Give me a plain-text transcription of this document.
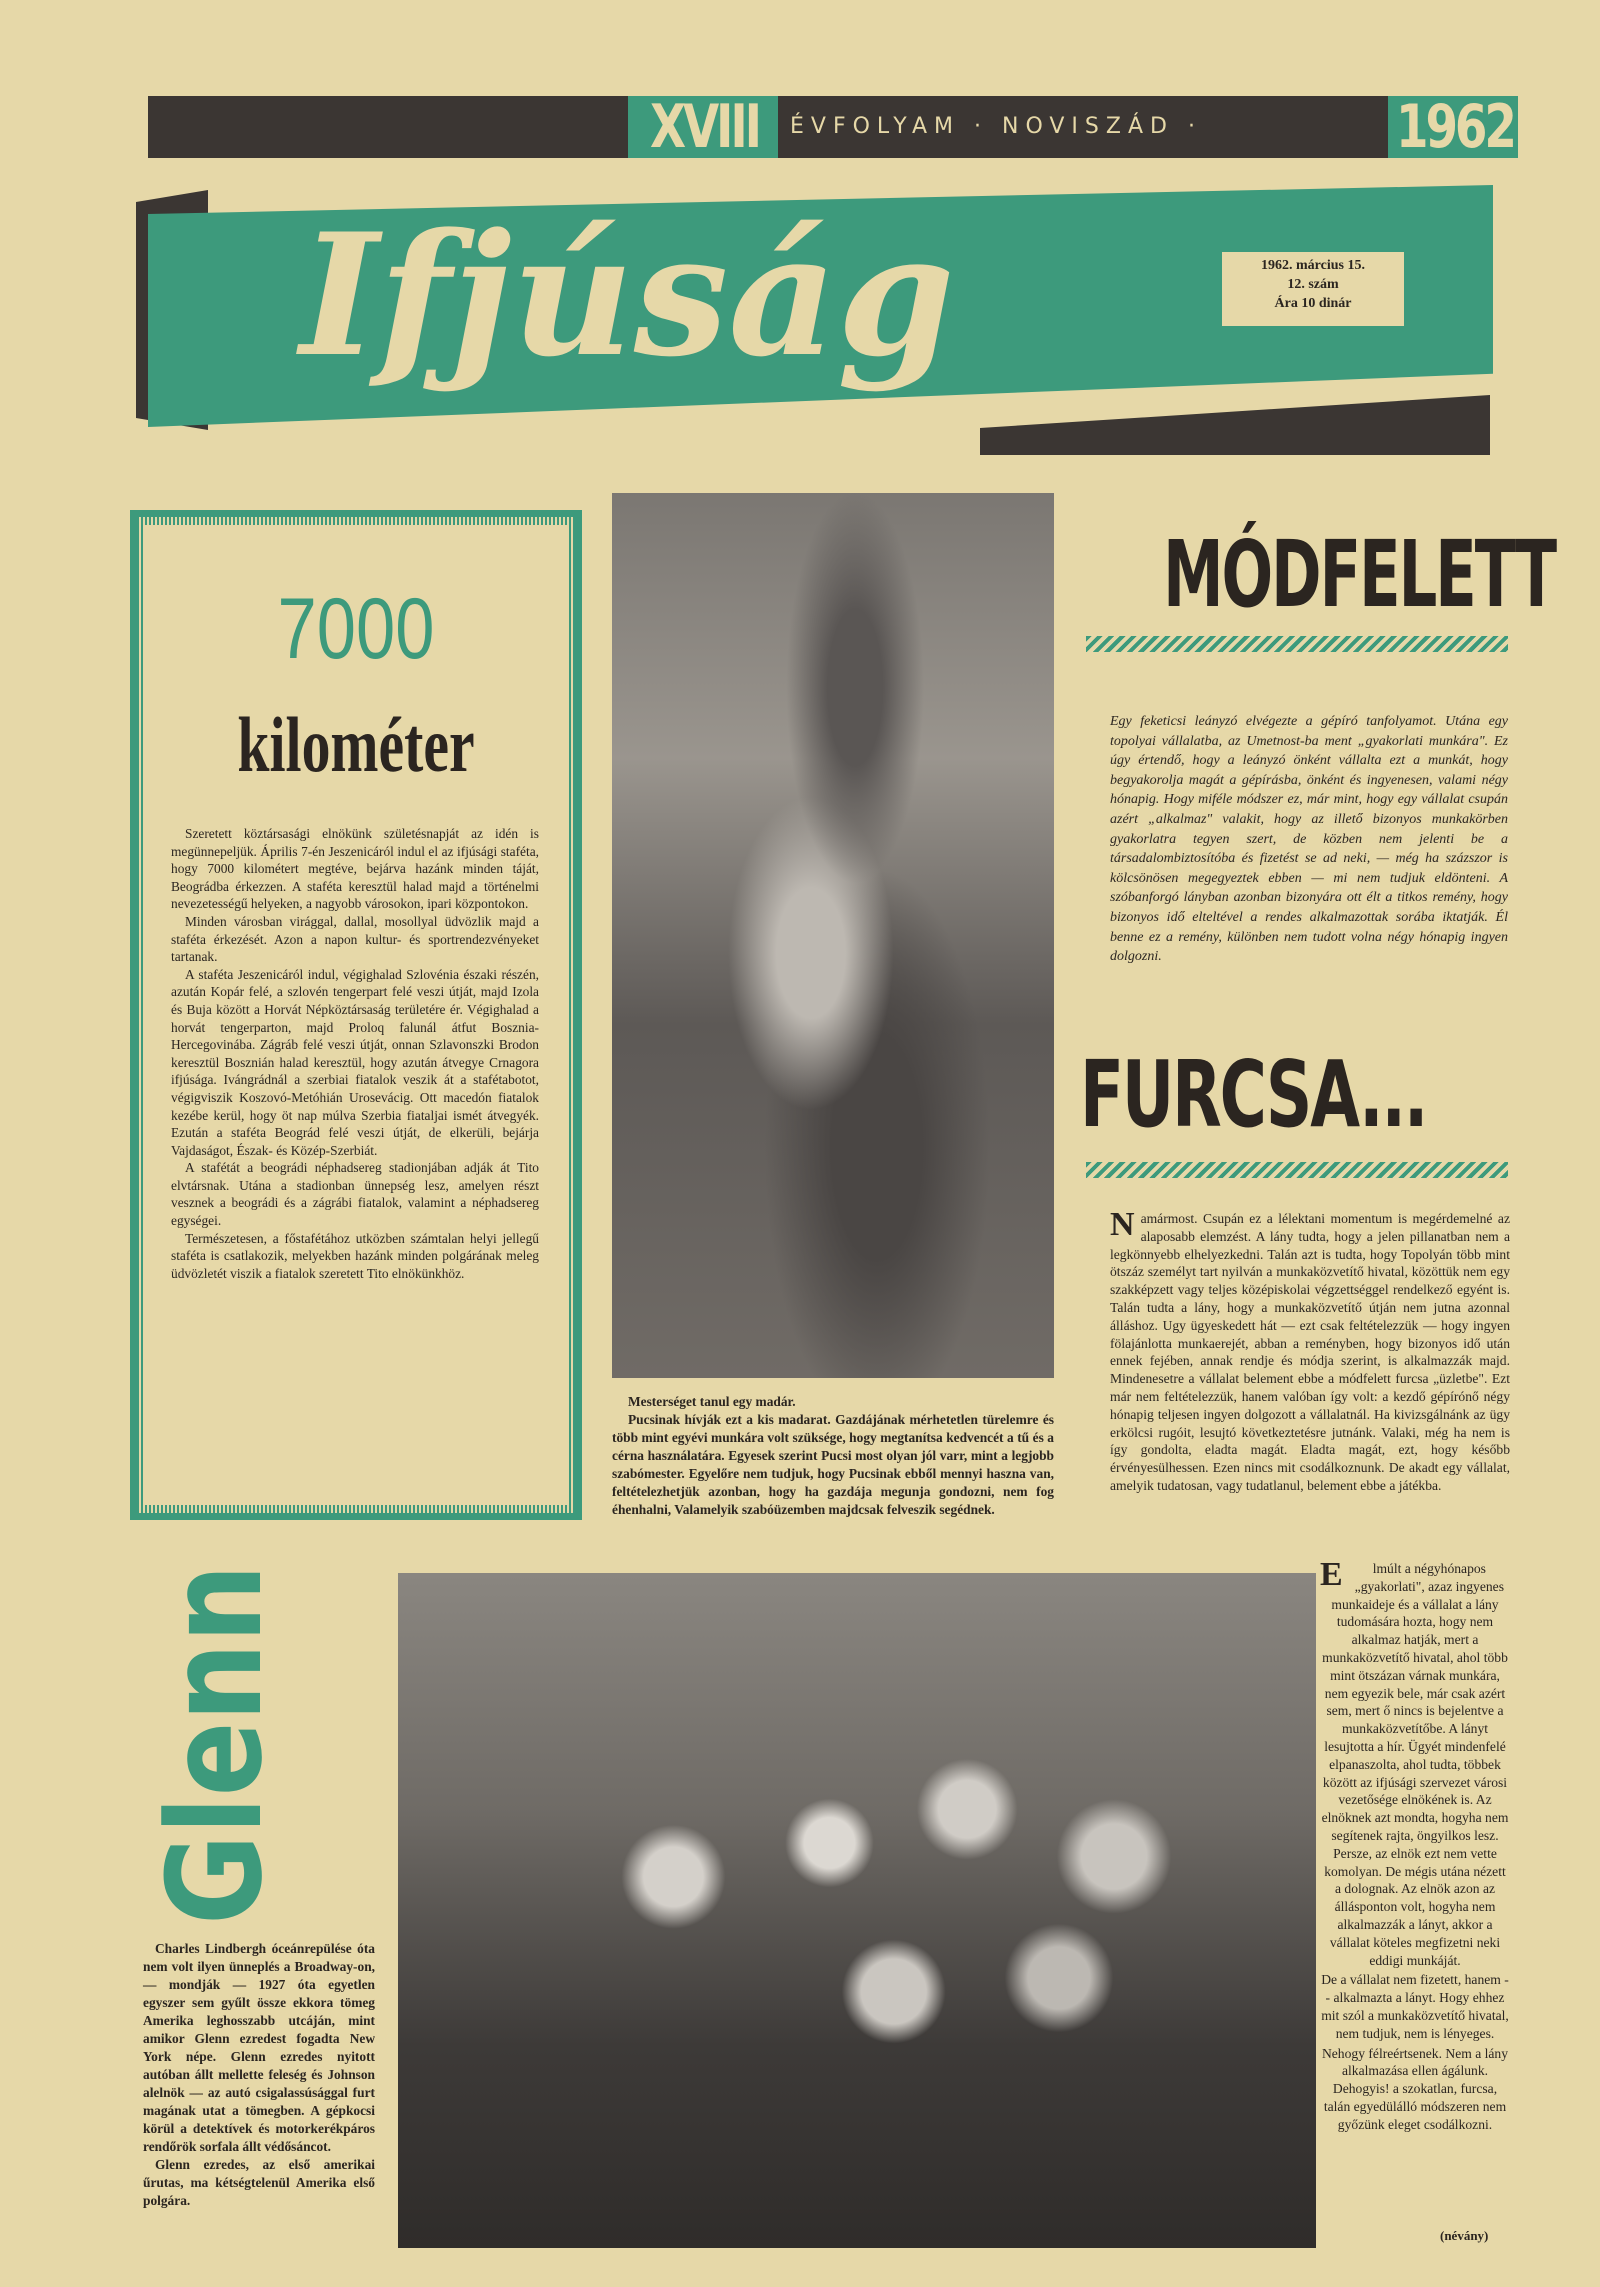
XVIII ÉVFOLYAM · NOVISZÁD ·	1962
Ifjúság	1962. március 15.
12. szám
Ára 10 dinár
7000
kilométer

Szeretett köztársasági elnökünk születésnapját az idén is megünnepeljük. Április 7-én Jeszenicáról indul el az ifjúsági staféta, hogy 7000 kilométert megtéve, bejárva hazánk minden táját, Beográdba érkezzen. A staféta keresztül halad majd a történelmi nevezetességű helyeken, a nagyobb városokon, ipari központokon.

Minden városban virággal, dallal, mosollyal üdvözlik majd a staféta érkezését. Azon a napon kultur- és sportrendezvényeket tartanak.

A staféta Jeszenicáról indul, végighalad Szlovénia északi részén, azután Kopár felé, a szlovén tengerpart felé veszi útját, majd Izola és Buja között a Horvát Népköztársaság területére ér. Végighalad a horvát tengerparton, majd Proloq falunál átfut Bosznia-Hercegovinába. Zágráb felé veszi útját, onnan Szlavonszki Brodon keresztül Bosznián halad keresztül, hogy azután átvegye Crnagora ifjúsága. Ivángrádnál a szerbiai fiatalok veszik át a stafétabotot, végigviszik Koszovó-Metóhián Urosevácig. Ott macedón fiatalok kezébe kerül, hogy öt nap múlva Szerbia fiataljai ismét átvegyék. Ezután a staféta Beográd felé veszi útját, de elkerüli, bejárja Vajdaságot, Észak- és Közép-Szerbiát.

A stafétát a beográdi néphadsereg stadionjában adják át Tito elvtársnak. Utána a stadionban ünnepség lesz, amelyen részt vesznek a beográdi és a zágrábi fiatalok, valamint a néphadsereg egységei.

Természetesen, a főstafétához utközben számtalan helyi jellegű staféta is csatlakozik, melyekben hazánk minden polgárának meleg üdvözletét viszik a fiatalok szeretett Tito elnökünkhöz.

Mesterséget tanul egy madár.

Pucsinak hívják ezt a kis madarat. Gazdájának mérhetetlen türelemre és több mint egyévi munkára volt szüksége, hogy megtanítsa kedvencét a tű és a cérna használatára. Egyesek szerint Pucsi most olyan jól varr, mint a legjobb szabómester. Egyelőre nem tudjuk, hogy Pucsinak ebből mennyi haszna van, feltételezhetjük azonban, hogy ha gazdája megunja gondozni, nem fog éhenhalni, Valamelyik szabóüzemben majdcsak felveszik segédnek.

MÓDFELETT
Egy feketicsi leányzó elvégezte a gépíró tanfolyamot. Utána egy topolyai vállalatba, az Umetnost-ba ment „gyakorlati munkára". Ez úgy értendő, hogy a leányzó önként vállalta ezt a munkát, hogy begyakorolja magát a gépírásba, önként és ingyenesen, valami négy hónapig. Hogy miféle módszer ez, már mint, hogy egy vállalat csupán azért „alkalmaz" valakit, hogy az illető bizonyos munkakörben gyakorlatra tegyen szert, de közben nem jelenti be a társadalombiztosítóba és fizetést se ad neki, — még ha százszor is kölcsönösen megegyeztek ebben — mi nem tudjuk eldönteni. A szóbanforgó lányban azonban bizonyára ott élt a titkos remény, hogy bizonyos idő elteltével a rendes alkalmazottak sorába iktatják. Él benne ez a remény, különben nem tudott volna négy hónapig ingyen dolgozni.
FURCSA...

Namármost. Csupán ez a lélektani momentum is megérdemelné az alaposabb elemzést. A lány tudta, hogy a jelen pillanatban nem a legkönnyebb elhelyezkedni. Talán azt is tudta, hogy Topolyán több mint ötszáz személyt tart nyilván a munkaközvetítő hivatal, közöttük nem egy szakképzett vagy teljes középiskolai végzettséggel rendelkező egyént is. Talán tudta a lány, hogy a munkaközvetítő útján nem jutna azonnal álláshoz. Ugy ügyeskedett hát — ezt csak feltételezzük — hogy ingyen fölajánlotta munkaerejét, abban a reményben, hogy bizonyos idő után ennek fejében, annak rendje és módja szerint, is alkalmazzák majd. Mindenesetre a vállalat belement ebbe a módfelett furcsa „üzletbe". Ezt már nem feltételezzük, hanem valóban így volt: a kezdő gépírónő négy hónapig teljesen ingyen dolgozott a vállalatnál. Ha kivizsgálnánk az ügy erkölcsi rugóit, lesujtó következtetésre jutnánk. Valaki, még ha nem is így gondolta, eladta magát. Eladta magát, ezt, hogy később érvényesülhessen. Ezen nincs mit csodálkoznunk. De akadt egy vállalat, amelyik tudatosan, vagy tudatlanul, belement ebbe a játékba.

E lmúlt a négyhónapos „gyakorlati", azaz ingyenes munkaideje és a vállalat a lány tudomására hozta, hogy nem alkalmaz hatják, mert a munkaközvetítő hivatal, ahol több mint ötszázan várnak munkára, nem egyezik bele, már csak azért sem, mert ő nincs is bejelentve a munkaközvetítőbe. A lányt lesujtotta a hír. Ügyét mindenfelé elpanaszolta, ahol tudta, többek között az ifjúsági szervezet városi vezetősége elnökének is. Az elnöknek azt mondta, hogyha nem segítenek rajta, öngyilkos lesz. Persze, az elnök ezt nem vette komolyan. De mégis utána nézett a dolognak. Az elnök azon az állásponton volt, hogyha nem alkalmazzák a lányt, akkor a vállalat köteles megfizetni neki eddigi munkáját.

De a vállalat nem fizetett, hanem -- alkalmazta a lányt. Hogy ehhez mit szól a munkaközvetítő hivatal, nem tudjuk, nem is lényeges.

Nehogy félreértsenek. Nem a lány alkalmazása ellen ágálunk. Dehogyis! a szokatlan, furcsa, talán egyedülálló módszeren nem győzünk eleget csodálkozni.

(névány)
Glenn

Charles Lindbergh óceánrepülése óta nem volt ilyen ünneplés a Broadway-on, — mondják — 1927 óta egyetlen egyszer sem gyűlt össze ekkora tömeg Amerika leghosszabb utcáján, mint amikor Glenn ezredest fogadta New York népe. Glenn ezredes nyitott autóban állt mellette feleség és Johnson alelnök — az autó csigalassúsággal furt magának utat a tömegben. A gépkocsi körül a detektívek és motorkerékpáros rendőrök sorfala állt védősáncot.

Glenn ezredes, az első amerikai űrutas, ma kétségtelenül Amerika első polgára.
